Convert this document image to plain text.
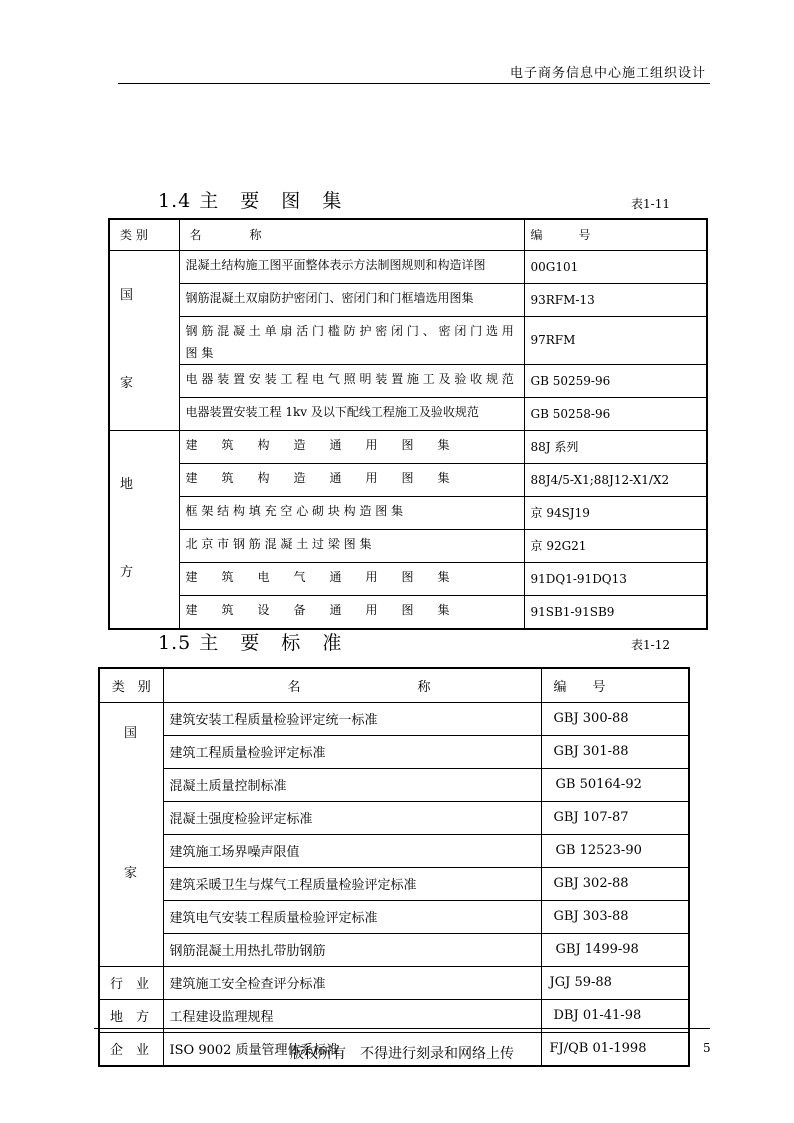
电子商务信息中心施工组织设计
1.4 主 要 图 集	表1-11
类 别	名　　　　称	编　　　号
国

家	混凝土结构施工图平面整体表示方法制图规则和构造详图	00G101
	钢筋混凝土双扇防护密闭门、密闭门和门框墙选用图集	93RFM-13
	钢 筋 混 凝 土 单 扇 活 门 槛 防 护 密 闭 门 、 密 闭 门 选 用 图 集	97RFM
	电 器 装 置 安 装 工 程 电 气 照 明 装 置 施 工 及 验 收 规 范	GB 50259-96
	电器装置安装工程 1kv 及以下配线工程施工及验收规范	GB 50258-96
地

方	建　　筑　　构　　造　　通　　用　　图　　集	88J 系列
	建　　筑　　构　　造　　通　　用　　图　　集	88J4/5-X1;88J12-X1/X2
	框 架 结 构 填 充 空 心 砌 块 构 造 图 集	京 94SJ19
	北 京 市 钢 筋 混 凝 土 过 梁 图 集	京 92G21
	建　　筑　　电　　气　　通　　用　　图　　集	91DQ1-91DQ13
	建　　筑　　设　　备　　通　　用　　图　　集	91SB1-91SB9
1.5 主 要 标 准	表1-12
类　别	名　　　　　　　　　称	编　　号

国
家	建筑安装工程质量检验评定统一标准	GBJ 300-88
	建筑工程质量检验评定标准	GBJ 301-88
	混凝土质量控制标准	GB 50164-92
	混凝土强度检验评定标准	GBJ 107-87
	建筑施工场界噪声限值	GB 12523-90
	建筑采暖卫生与煤气工程质量检验评定标准	GBJ 302-88
	建筑电气安装工程质量检验评定标准	GBJ 303-88
	钢筋混凝土用热扎带肋钢筋	GBJ 1499-98
行　业	建筑施工安全检查评分标准	JGJ 59-88
地　方	工程建设监理规程	DBJ 01-41-98
企　业	ISO 9002 质量管理体系标准	FJ/QB 01-1998
版权所有　不得进行刻录和网络上传	5
